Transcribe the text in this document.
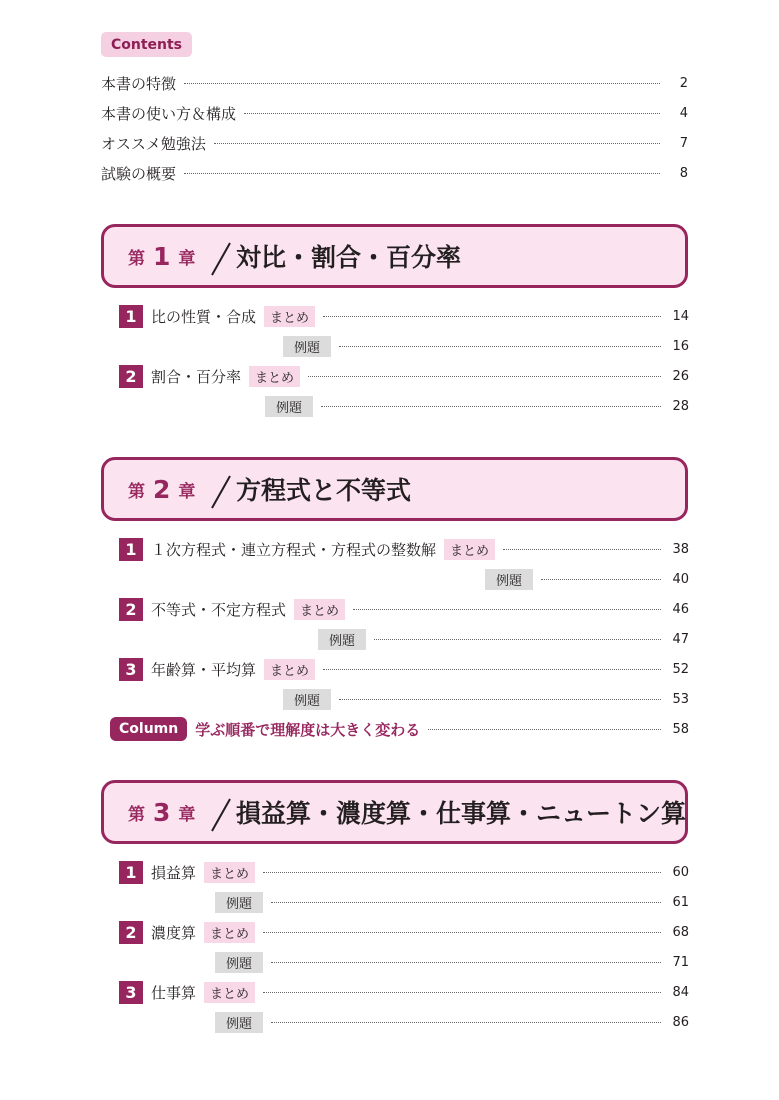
Contents
本書の特徴	2
本書の使い方＆構成	4
オススメ勉強法	7
試験の概要	8
第 1 章 対比・割合・百分率
1 比の性質・合成	まとめ	14
例題	16
2 割合・百分率	まとめ	26
例題	28
第 2 章 方程式と不等式
1 １次方程式・連立方程式・方程式の整数解	まとめ	38
例題	40
2 不等式・不定方程式	まとめ	46
例題	47
3 年齢算・平均算	まとめ	52
例題	53
Column	学ぶ順番で理解度は大きく変わる	58
第 3 章 損益算・濃度算・仕事算・ニュートン算
1 損益算	まとめ	60
例題	61
2 濃度算	まとめ	68
例題	71
3 仕事算	まとめ	84
例題	86
